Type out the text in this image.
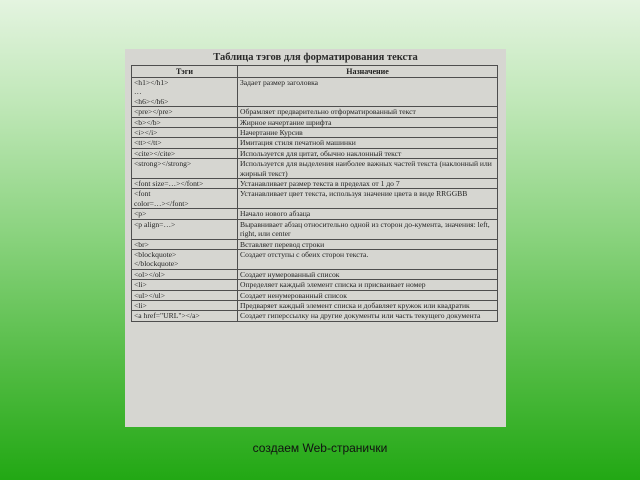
Таблица тэгов для форматирования текста
Тэги	Назначение

<h1></h1>
…
<h6></h6>	Задает размер заголовка

<pre></pre>	Обрамляет предварительно отформатированный текст

<b></b>	Жирное начертание шрифта

<i></i>	Начертание Курсив

<tt></tt>	Имитация стиля печатной машинки

<cite></cite>	Используется для цитат, обычно наклонный текст

<strong></strong>	Используется для выделения наиболее важных частей текста (наклонный или жирный текст)

<font size=…></font>	Устанавливает размер текста в пределах от 1 до 7

<font
color=…></font>	Устанавливает цвет текста, используя значение цвета в виде RRGGBB

<p>	Начало нового абзаца

<p align=…>	Выравнивает абзац относительно одной из сторон до-кумента, значения: left, right, или center

<br>	Вставляет перевод строки

<blockquote>
</blockquote>	Создает отступы с обеих сторон текста.

<ol></ol>	Создает нумерованный список

<li>	Определяет каждый элемент списка и присваивает номер

<ul></ul>	Создает ненумерованный список

<li>	Предваряет каждый элемент списка и добавляет кружок или квадратик

<a href="URL"></a>	Создает гиперссылку на другие документы или часть текущего документа
создаем Web-странички
